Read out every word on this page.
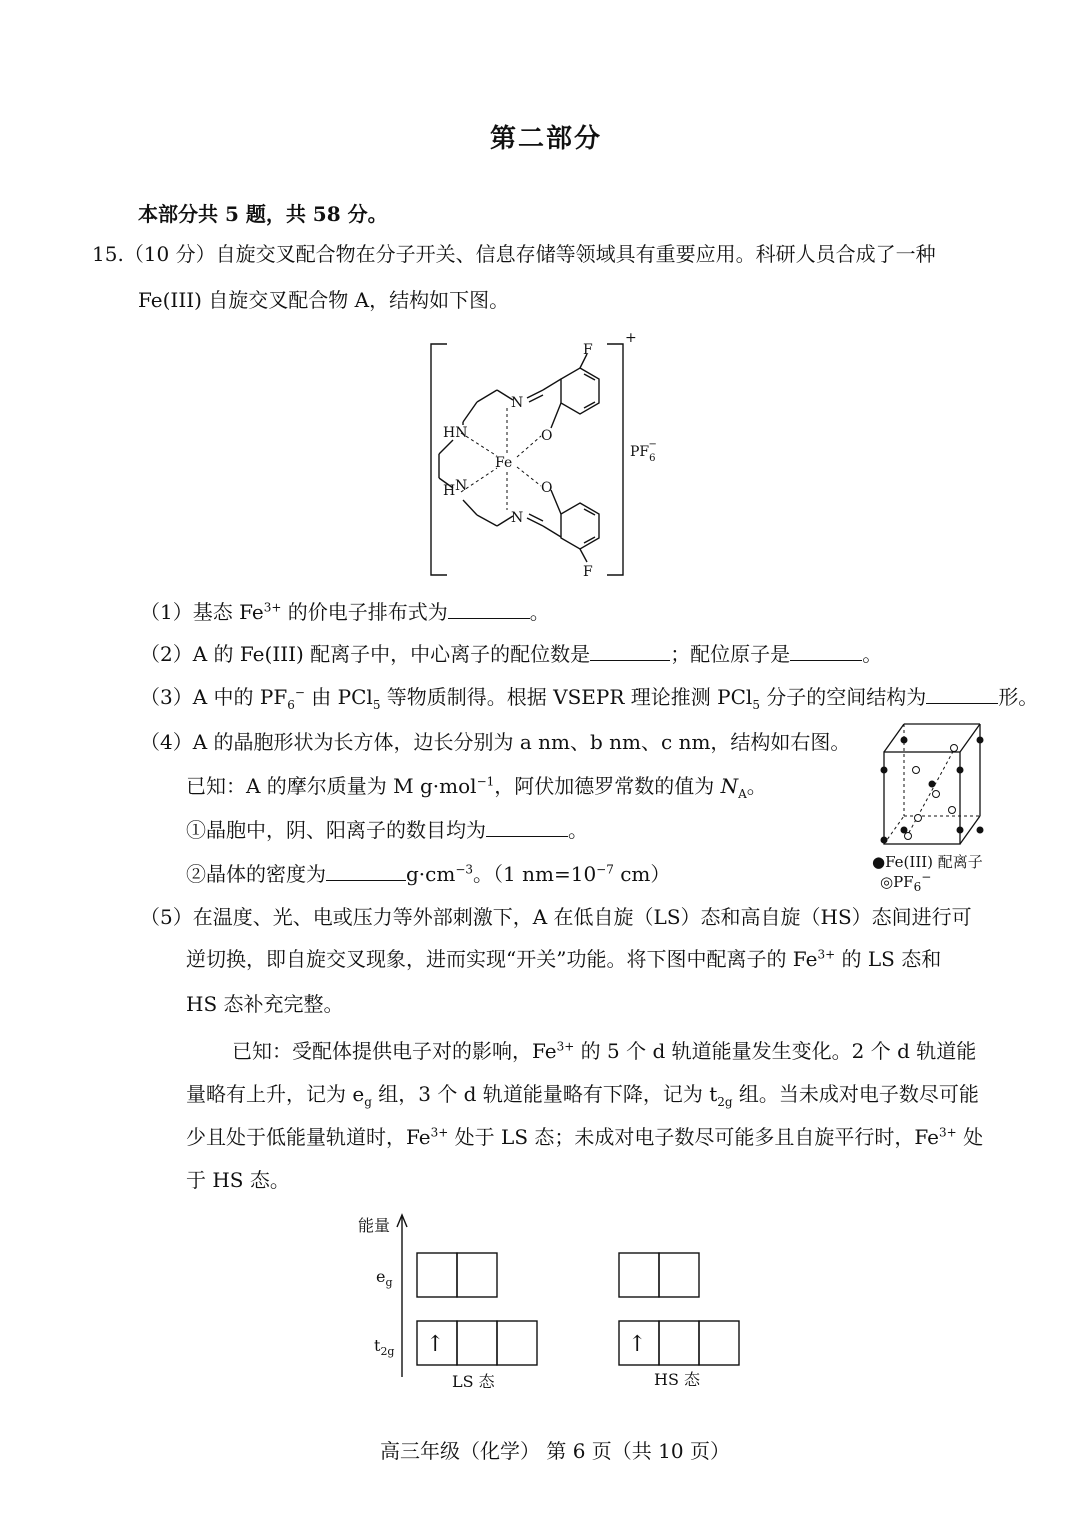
第二部分
本部分共 5 题，共 58 分。
15.（10 分）自旋交叉配合物在分子开关、信息存储等领域具有重要应用。科研人员合成了一种
Fe(III) 自旋交叉配合物 A，结构如下图。
F
N
O
HN
Fe
H N	O
N
F
+
$PF_6-$
（1）基态 $Fe^{3+}$ 的价电子排布式为	。
（2）A 的 Fe(III) 配离子中，中心离子的配位数是	；配位原子是	。
（3）A 中的 $PF_6^-$ 由 PCl$_5$ 等物质制得。根据 VSEPR 理论推测 PCl$_5$ 分子的空间结构为	形。
（4）A 的晶胞形状为长方体，边长分别为 a nm、b nm、c nm，结构如右图。
已知：A 的摩尔质量为 M g·mol$^{-1}$，阿伏加德罗常数的值为 $N_A$。
①晶胞中，阴、阳离子的数目均为	。
②晶体的密度为	$g\cdot cm^{-3}$。（1 $nm=10^{-7}$ cm）	●Fe(III) 配离子
$◎PF_6^-$
（5）在温度、光、电或压力等外部刺激下，A 在低自旋（LS）态和高自旋（HS）态间进行可
逆切换，即自旋交叉现象，进而实现“开关”功能。将下图中配离子的 $Fe^{3+}$ 的 LS 态和
HS 态补充完整。
已知：受配体提供电子对的影响，$Fe^{3+}$ 的 5 个 d 轨道能量发生变化。2 个 d 轨道能
量略有上升，记为 $e_g$ 组，3 个 d 轨道能量略有下降，记为 $t_{2g}$ 组。当未成对电子数尽可能
少且处于低能量轨道时，$Fe^{3+}$ 处于 LS 态；未成对电子数尽可能多且自旋平行时，$Fe^{3+}$ 处
于 HS 态。
能量
$e_g$
$t_{2g}$ ↑	↑
LS 态	HS 态
高三年级（化学） 第 6 页（共 10 页）
